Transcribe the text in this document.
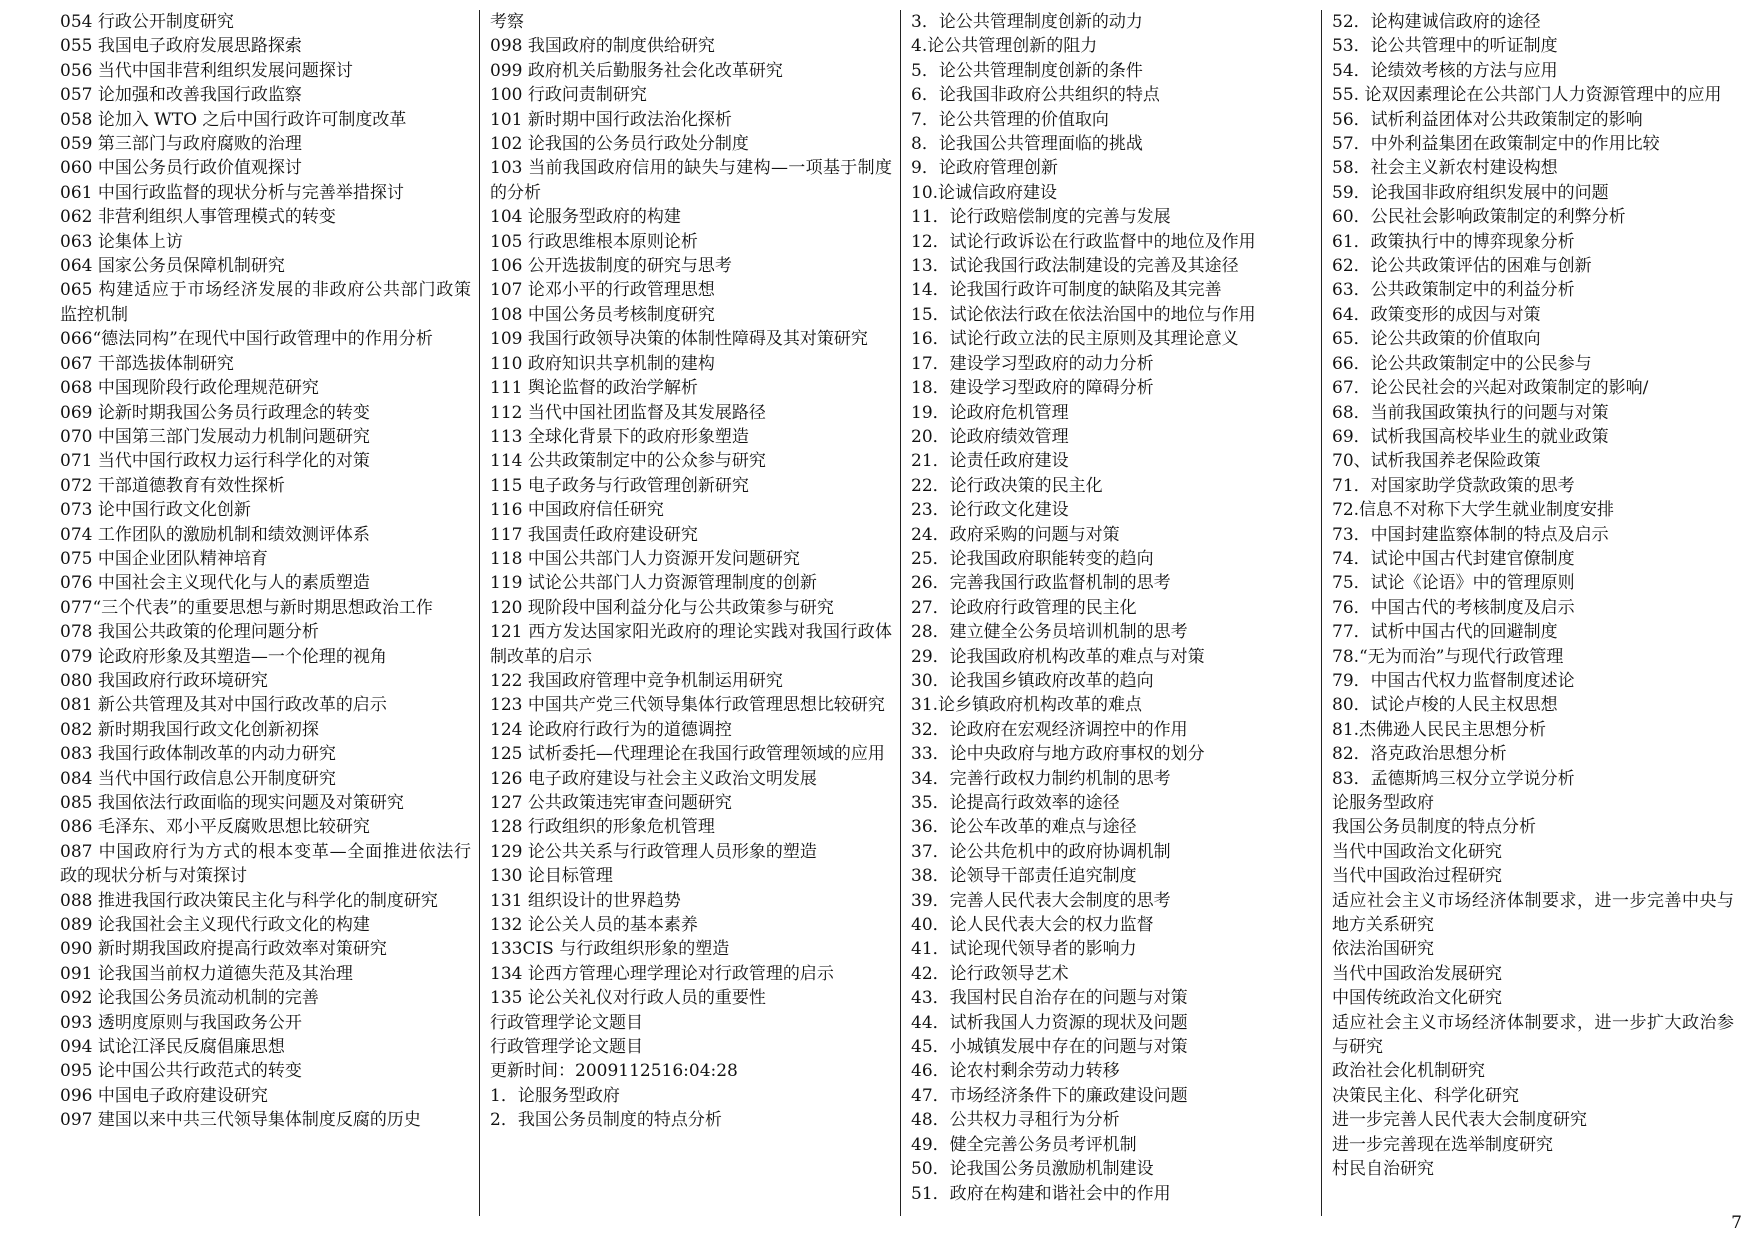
054 行政公开制度研究
055 我国电子政府发展思路探索
056 当代中国非营利组织发展问题探讨
057 论加强和改善我国行政监察
058 论加入 WTO 之后中国行政许可制度改革
059 第三部门与政府腐败的治理
060 中国公务员行政价值观探讨
061 中国行政监督的现状分析与完善举措探讨
062 非营利组织人事管理模式的转变
063 论集体上访
064 国家公务员保障机制研究
065 构建适应于市场经济发展的非政府公共部门政策监控机制
066“德法同构”在现代中国行政管理中的作用分析
067 干部选拔体制研究
068 中国现阶段行政伦理规范研究
069 论新时期我国公务员行政理念的转变
070 中国第三部门发展动力机制问题研究
071 当代中国行政权力运行科学化的对策
072 干部道德教育有效性探析
073 论中国行政文化创新
074 工作团队的激励机制和绩效测评体系
075 中国企业团队精神培育
076 中国社会主义现代化与人的素质塑造
077“三个代表”的重要思想与新时期思想政治工作
078 我国公共政策的伦理问题分析
079 论政府形象及其塑造—一个伦理的视角
080 我国政府行政环境研究
081 新公共管理及其对中国行政改革的启示
082 新时期我国行政文化创新初探
083 我国行政体制改革的内动力研究
084 当代中国行政信息公开制度研究
085 我国依法行政面临的现实问题及对策研究
086 毛泽东、邓小平反腐败思想比较研究
087 中国政府行为方式的根本变革—全面推进依法行政的现状分析与对策探讨
088 推进我国行政决策民主化与科学化的制度研究
089 论我国社会主义现代行政文化的构建
090 新时期我国政府提高行政效率对策研究
091 论我国当前权力道德失范及其治理
092 论我国公务员流动机制的完善
093 透明度原则与我国政务公开
094 试论江泽民反腐倡廉思想
095 论中国公共行政范式的转变
096 中国电子政府建设研究
097 建国以来中共三代领导集体制度反腐的历史
考察
098 我国政府的制度供给研究
099 政府机关后勤服务社会化改革研究
100 行政问责制研究
101 新时期中国行政法治化探析
102 论我国的公务员行政处分制度
103 当前我国政府信用的缺失与建构—一项基于制度的分析
104 论服务型政府的构建
105 行政思维根本原则论析
106 公开选拔制度的研究与思考
107 论邓小平的行政管理思想
108 中国公务员考核制度研究
109 我国行政领导决策的体制性障碍及其对策研究
110 政府知识共享机制的建构
111 舆论监督的政治学解析
112 当代中国社团监督及其发展路径
113 全球化背景下的政府形象塑造
114 公共政策制定中的公众参与研究
115 电子政务与行政管理创新研究
116 中国政府信任研究
117 我国责任政府建设研究
118 中国公共部门人力资源开发问题研究
119 试论公共部门人力资源管理制度的创新
120 现阶段中国利益分化与公共政策参与研究
121 西方发达国家阳光政府的理论实践对我国行政体制改革的启示
122 我国政府管理中竞争机制运用研究
123 中国共产党三代领导集体行政管理思想比较研究
124 论政府行政行为的道德调控
125 试析委托—代理理论在我国行政管理领域的应用
126 电子政府建设与社会主义政治文明发展
127 公共政策违宪审查问题研究
128 行政组织的形象危机管理
129 论公共关系与行政管理人员形象的塑造
130 论目标管理
131 组织设计的世界趋势
132 论公关人员的基本素养
133CIS 与行政组织形象的塑造
134 论西方管理心理学理论对行政管理的启示
135 论公关礼仪对行政人员的重要性
行政管理学论文题目
行政管理学论文题目
更新时间：2009112516:04:28
1．论服务型政府
2．我国公务员制度的特点分析
3．论公共管理制度创新的动力
4.论公共管理创新的阻力
5．论公共管理制度创新的条件
6．论我国非政府公共组织的特点
7．论公共管理的价值取向
8．论我国公共管理面临的挑战
9．论政府管理创新
10.论诚信政府建设
11．论行政赔偿制度的完善与发展
12．试论行政诉讼在行政监督中的地位及作用
13．试论我国行政法制建设的完善及其途径
14．论我国行政许可制度的缺陷及其完善
15．试论依法行政在依法治国中的地位与作用
16．试论行政立法的民主原则及其理论意义
17．建设学习型政府的动力分析
18．建设学习型政府的障碍分析
19．论政府危机管理
20．论政府绩效管理
21．论责任政府建设
22．论行政决策的民主化
23．论行政文化建设
24．政府采购的问题与对策
25．论我国政府职能转变的趋向
26．完善我国行政监督机制的思考
27．论政府行政管理的民主化
28．建立健全公务员培训机制的思考
29．论我国政府机构改革的难点与对策
30．论我国乡镇政府改革的趋向
31.论乡镇政府机构改革的难点
32．论政府在宏观经济调控中的作用
33．论中央政府与地方政府事权的划分
34．完善行政权力制约机制的思考
35．论提高行政效率的途径
36．论公车改革的难点与途径
37．论公共危机中的政府协调机制
38．论领导干部责任追究制度
39．完善人民代表大会制度的思考
40．论人民代表大会的权力监督
41．试论现代领导者的影响力
42．论行政领导艺术
43．我国村民自治存在的问题与对策
44．试析我国人力资源的现状及问题
45．小城镇发展中存在的问题与对策
46．论农村剩余劳动力转移
47．市场经济条件下的廉政建设问题
48．公共权力寻租行为分析
49．健全完善公务员考评机制
50．论我国公务员激励机制建设
51．政府在构建和谐社会中的作用
52．论构建诚信政府的途径
53．论公共管理中的听证制度
54．论绩效考核的方法与应用
55. 论双因素理论在公共部门人力资源管理中的应用
56．试析利益团体对公共政策制定的影响
57．中外利益集团在政策制定中的作用比较
58．社会主义新农村建设构想
59．论我国非政府组织发展中的问题
60．公民社会影响政策制定的利弊分析
61．政策执行中的博弈现象分析
62．论公共政策评估的困难与创新
63．公共政策制定中的利益分析
64．政策变形的成因与对策
65．论公共政策的价值取向
66．论公共政策制定中的公民参与
67．论公民社会的兴起对政策制定的影响/
68．当前我国政策执行的问题与对策
69．试析我国高校毕业生的就业政策
70、试析我国养老保险政策
71．对国家助学贷款政策的思考
72.信息不对称下大学生就业制度安排
73．中国封建监察体制的特点及启示
74．试论中国古代封建官僚制度
75．试论《论语》中的管理原则
76．中国古代的考核制度及启示
77．试析中国古代的回避制度
78.“无为而治”与现代行政管理
79．中国古代权力监督制度述论
80．试论卢梭的人民主权思想
81.杰佛逊人民民主思想分析
82．洛克政治思想分析
83．孟德斯鸠三权分立学说分析
论服务型政府
我国公务员制度的特点分析
当代中国政治文化研究
当代中国政治过程研究
适应社会主义市场经济体制要求，进一步完善中央与地方关系研究
依法治国研究
当代中国政治发展研究
中国传统政治文化研究
适应社会主义市场经济体制要求，进一步扩大政治参与研究
政治社会化机制研究
决策民主化、科学化研究
进一步完善人民代表大会制度研究
进一步完善现在选举制度研究
村民自治研究
7
